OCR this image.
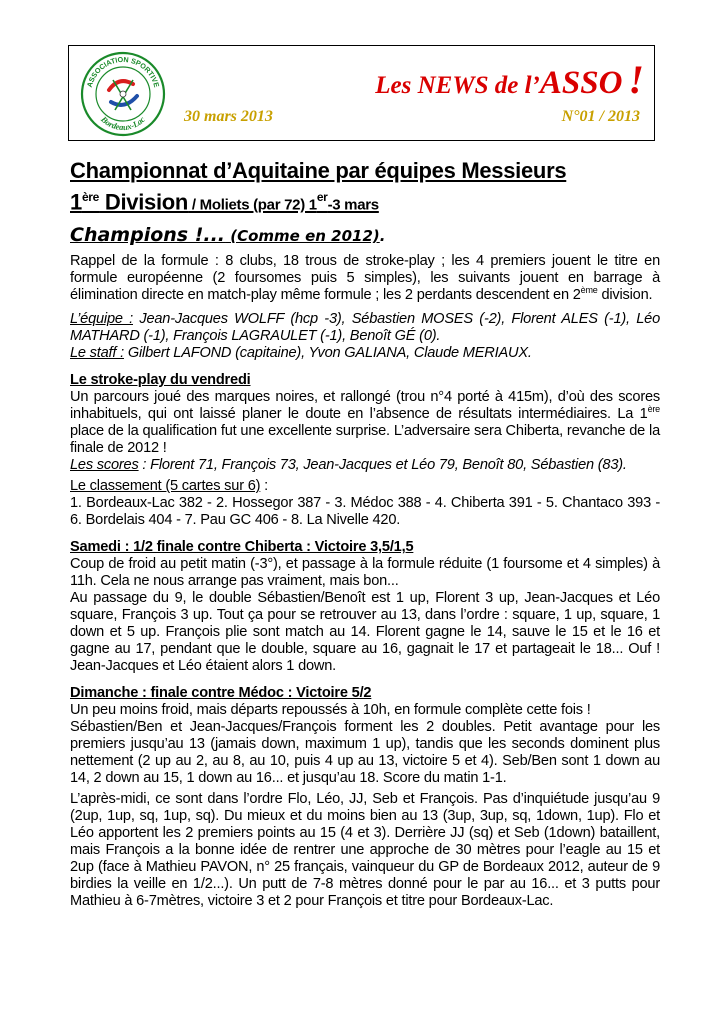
ASSOCIATION SPORTIVE
Bordeaux-Lac
Les NEWS de l’ASSO !
30 mars 2013	N°01 / 2013
Championnat d’Aquitaine par équipes Messieurs
1ère Division / Moliets (par 72) 1er-3 mars
Champions !... (Comme en 2012).

Rappel de la formule : 8 clubs, 18 trous de stroke-play ; les 4 premiers jouent le titre en formule européenne (2 foursomes puis 5 simples), les suivants jouent en barrage à élimination directe en match-play même formule ; les 2 perdants descendent en 2ème division.

L’équipe : Jean-Jacques WOLFF (hcp -3), Sébastien MOSES (-2), Florent ALES (-1), Léo MATHARD (-1), François LAGRAULET (-1), Benoît GÉ (0).

Le staff : Gilbert LAFOND (capitaine), Yvon GALIANA, Claude MERIAUX.

Le stroke-play du vendredi

Un parcours joué des marques noires, et rallongé (trou n°4 porté à 415m), d’où des scores inhabituels, qui ont laissé planer le doute en l’absence de résultats intermédiaires. La 1ère place de la qualification fut une excellente surprise. L’adversaire sera Chiberta, revanche de la finale de 2012 !

Les scores : Florent 71, François 73, Jean-Jacques et Léo 79, Benoît 80, Sébastien (83).

Le classement (5 cartes sur 6) :

1. Bordeaux-Lac 382 - 2. Hossegor 387 - 3. Médoc 388 - 4. Chiberta 391 - 5. Chantaco 393 - 6. Bordelais 404 - 7. Pau GC 406 - 8. La Nivelle 420.

Samedi : 1/2 finale contre Chiberta : Victoire 3,5/1,5

Coup de froid au petit matin (-3°), et passage à la formule réduite (1 foursome et 4 simples) à 11h. Cela ne nous arrange pas vraiment, mais bon...

Au passage du 9, le double Sébastien/Benoît est 1 up, Florent 3 up, Jean-Jacques et Léo square, François 3 up. Tout ça pour se retrouver au 13, dans l’ordre : square, 1 up, square, 1 down et 5 up. François plie sont match au 14. Florent gagne le 14, sauve le 15 et le 16 et gagne au 17, pendant que le double, square au 16, gagnait le 17 et partageait le 18... Ouf ! Jean-Jacques et Léo étaient alors 1 down.

Dimanche : finale contre Médoc : Victoire 5/2

Un peu moins froid, mais départs repoussés à 10h, en formule complète cette fois !

Sébastien/Ben et Jean-Jacques/François forment les 2 doubles. Petit avantage pour les premiers jusqu’au 13 (jamais down, maximum 1 up), tandis que les seconds dominent plus nettement (2 up au 2, au 8, au 10, puis 4 up au 13, victoire 5 et 4). Seb/Ben sont 1 down au 14, 2 down au 15, 1 down au 16... et jusqu’au 18. Score du matin 1-1.

L’après-midi, ce sont dans l’ordre Flo, Léo, JJ, Seb et François. Pas d’inquiétude jusqu’au 9 (2up, 1up, sq, 1up, sq). Du mieux et du moins bien au 13 (3up, 3up, sq, 1down, 1up). Flo et Léo apportent les 2 premiers points au 15 (4 et 3). Derrière JJ (sq) et Seb (1down) bataillent, mais François a la bonne idée de rentrer une approche de 30 mètres pour l’eagle au 15 et 2up (face à Mathieu PAVON, n° 25 français, vainqueur du GP de Bordeaux 2012, auteur de 9 birdies la veille en 1/2...). Un putt de 7-8 mètres donné pour le par au 16... et 3 putts pour Mathieu à 6-7mètres, victoire 3 et 2 pour François et titre pour Bordeaux-Lac.
